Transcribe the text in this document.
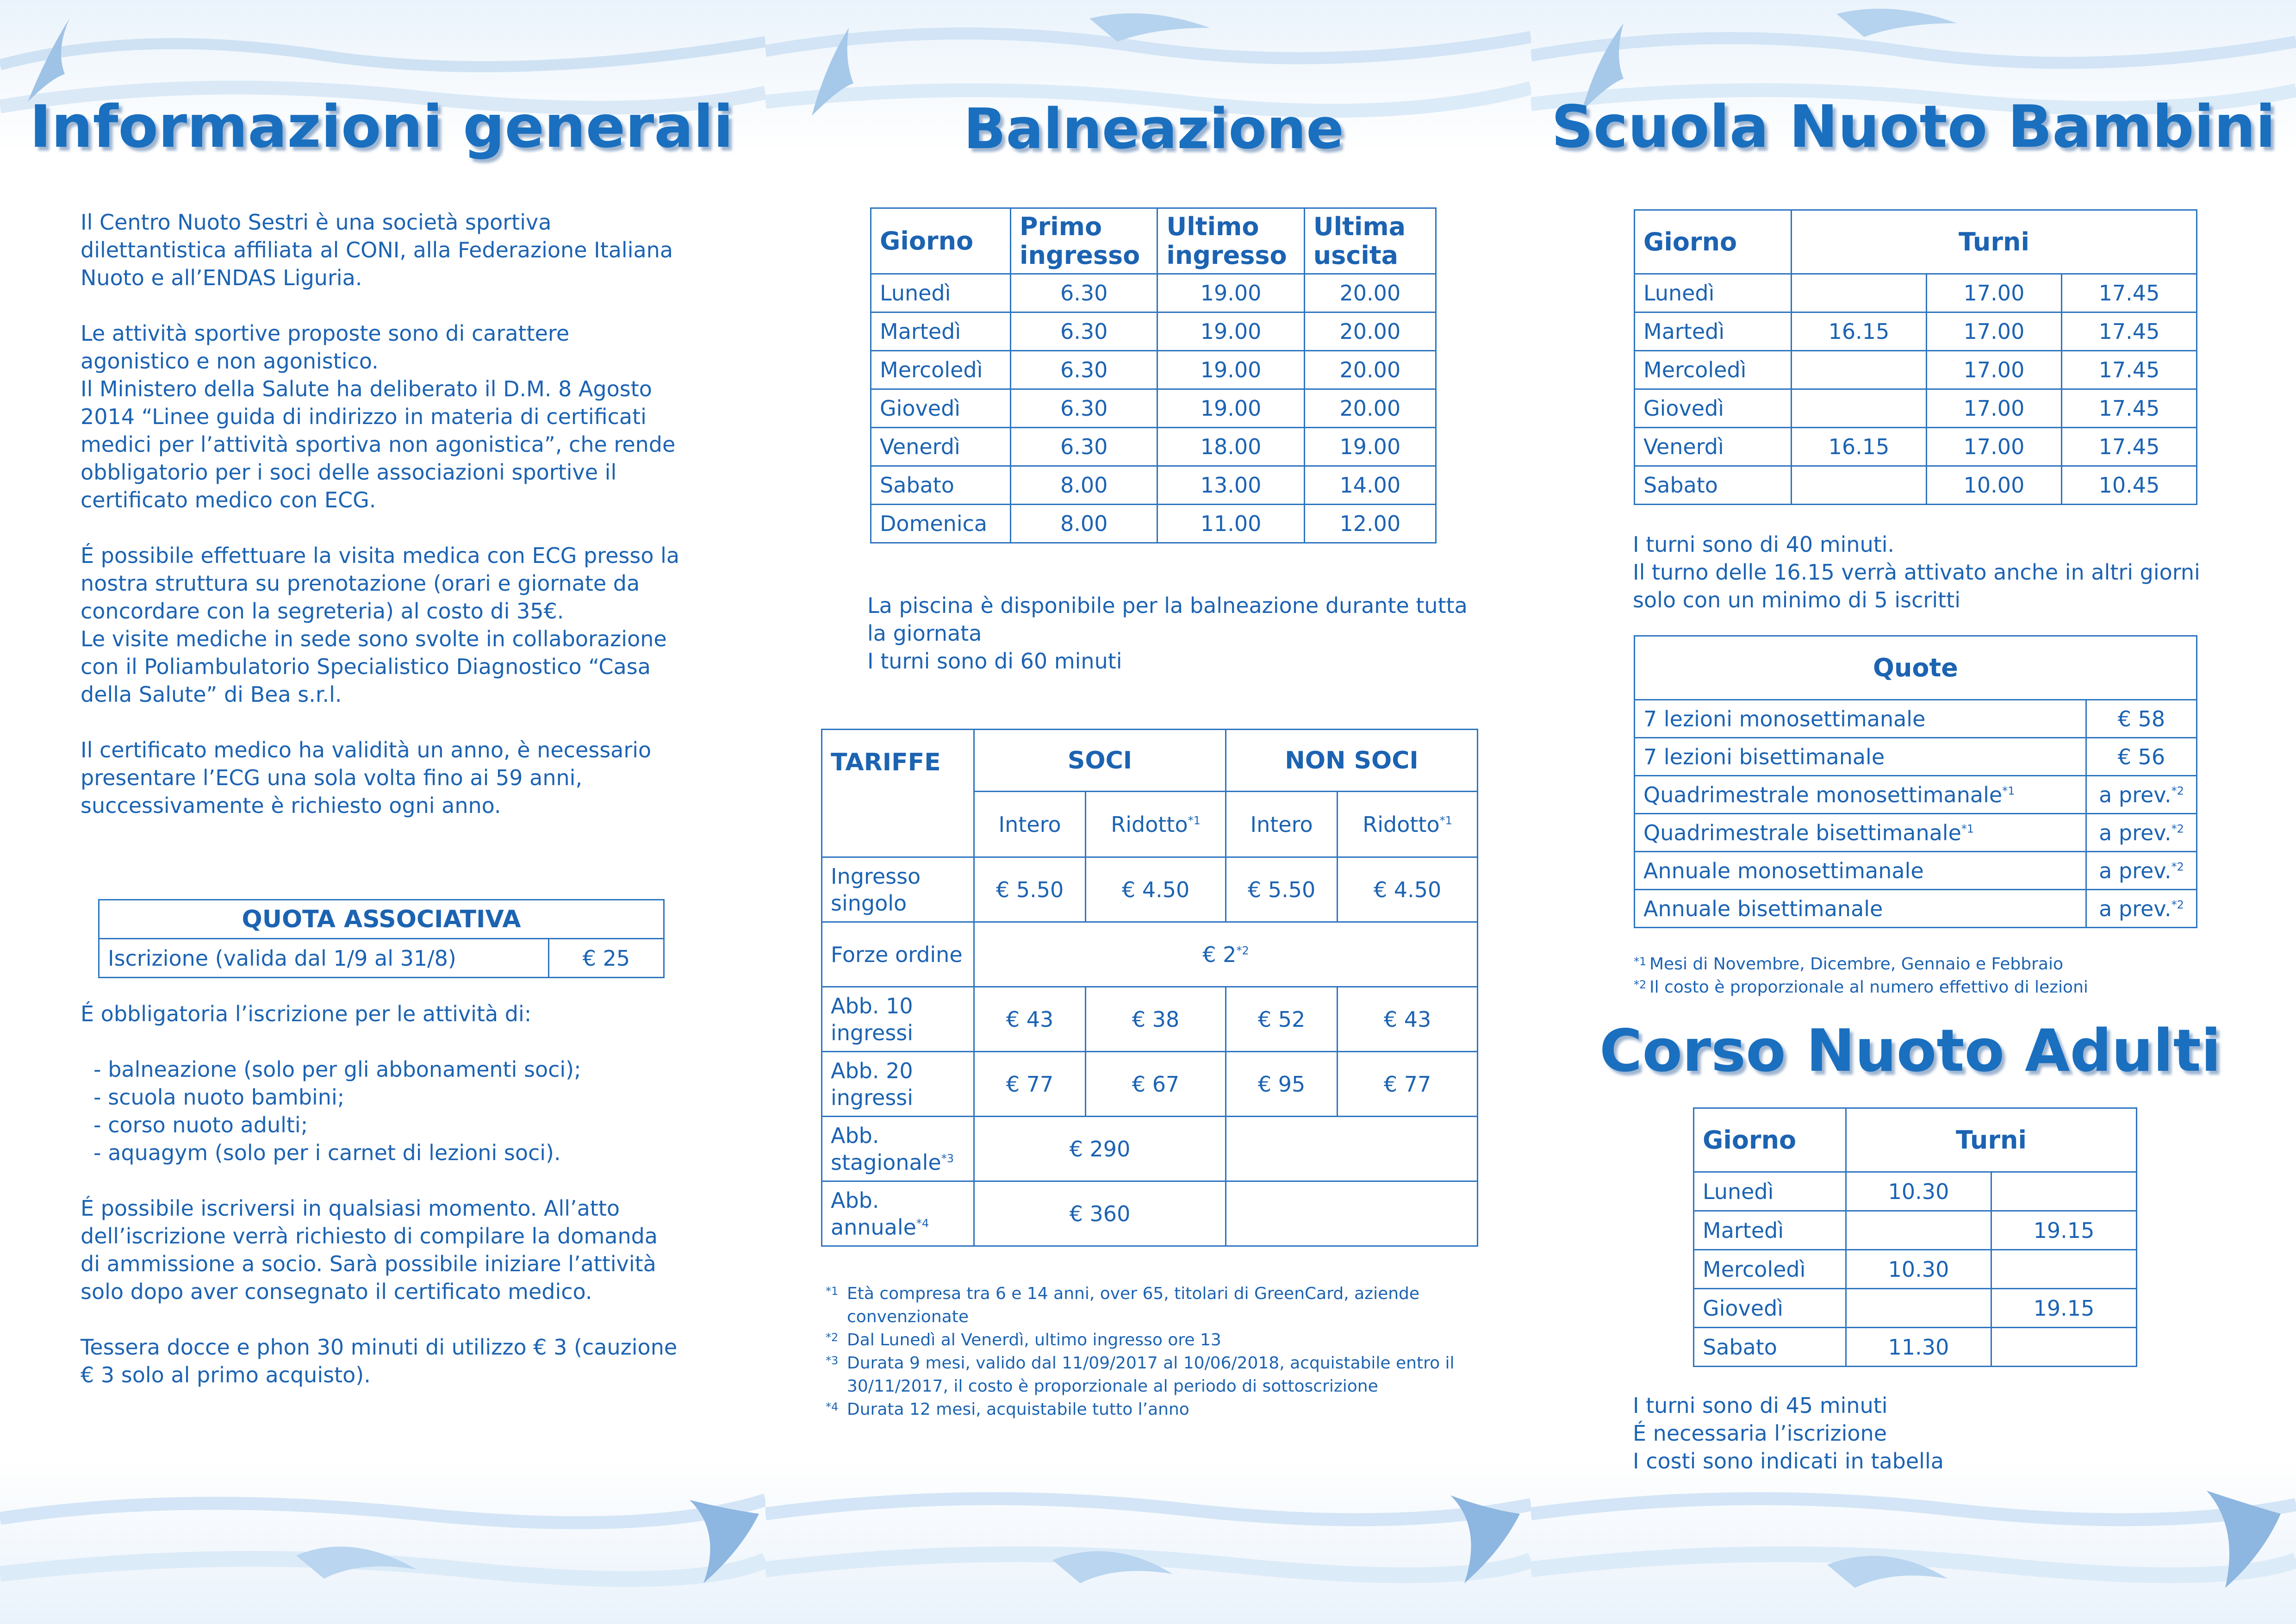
Informazioni generali

Il Centro Nuoto Sestri è una società sportiva dilettantistica affiliata al CONI, alla Federazione Italiana Nuoto e all’ENDAS Liguria.

Le attività sportive proposte sono di carattere agonistico e non agonistico.

Il Ministero della Salute ha deliberato il D.M. 8 Agosto 2014 “Linee guida di indirizzo in materia di certificati medici per l’attività sportiva non agonistica”, che rende obbligatorio per i soci delle associazioni sportive il certificato medico con ECG.

É possibile effettuare la visita medica con ECG presso la nostra struttura su prenotazione (orari e giornate da concordare con la segreteria) al costo di 35€.

Le visite mediche in sede sono svolte in collaborazione con il Poliambulatorio Specialistico Diagnostico “Casa della Salute” di Bea s.r.l.

Il certificato medico ha validità un anno, è necessario presentare l’ECG una sola volta fino ai 59 anni, successivamente è richiesto ogni anno.

QUOTA ASSOCIATIVA
Iscrizione (valida dal 1/9 al 31/8)	€ 25

É obbligatoria l’iscrizione per le attività di:

- balneazione (solo per gli abbonamenti soci);
- scuola nuoto bambini;
- corso nuoto adulti;
- aquagym (solo per i carnet di lezioni soci).

É possibile iscriversi in qualsiasi momento. All’atto dell’iscrizione verrà richiesto di compilare la domanda di ammissione a socio. Sarà possibile iniziare l’attività solo dopo aver consegnato il certificato medico.

Tessera docce e phon 30 minuti di utilizzo € 3 (cauzione € 3 solo al primo acquisto).

Balneazione
Giorno	Primo ingresso	Ultimo ingresso	Ultima uscita
Lunedì	6.30	19.00	20.00
Martedì	6.30	19.00	20.00
Mercoledì	6.30	19.00	20.00
Giovedì	6.30	19.00	20.00
Venerdì	6.30	18.00	19.00
Sabato	8.00	13.00	14.00
Domenica	8.00	11.00	12.00

La piscina è disponibile per la balneazione durante tutta la giornata

I turni sono di 60 minuti

TARIFFE	SOCI		NON SOCI	
	Intero	Ridotto$^{*1}$	Intero	Ridotto$^{*1}$
Ingresso singolo	€ 5.50	€ 4.50	€ 5.50	€ 4.50
Forze ordine	€ 2$^{*2}$
Abb. 10 ingressi	€ 43	€ 38	€ 52	€ 43
Abb. 20 ingressi	€ 77	€ 67	€ 95	€ 77
Abb. stagionale$^{*3}$	€ 290			
Abb. annuale$^{*4}$	€ 360			
*1 Età compresa tra 6 e 14 anni, over 65, titolari di GreenCard, aziende convenzionate
*2 Dal Lunedì al Venerdì, ultimo ingresso ore 13
*3 Durata 9 mesi, valido dal 11/09/2017 al 10/06/2018, acquistabile entro il 30/11/2017, il costo è proporzionale al periodo di sottoscrizione
*4 Durata 12 mesi, acquistabile tutto l’anno
Scuola Nuoto Bambini
Giorno	Turni		
Lunedì		17.00	17.45
Martedì	16.15	17.00	17.45
Mercoledì		17.00	17.45
Giovedì		17.00	17.45
Venerdì	16.15	17.00	17.45
Sabato		10.00	10.45

I turni sono di 40 minuti.

Il turno delle 16.15 verrà attivato anche in altri giorni solo con un minimo di 5 iscritti

Quote	
7 lezioni monosettimanale	€ 58
7 lezioni bisettimanale	€ 56
Quadrimestrale monosettimanale$^{*1}$	a prev.$^{*2}$
Quadrimestrale bisettimanale$^{*1}$	a prev.$^{*2}$
Annuale monosettimanale	a prev.$^{*2}$
Annuale bisettimanale	a prev.$^{*2}$
*1 Mesi di Novembre, Dicembre, Gennaio e Febbraio
*2 Il costo è proporzionale al numero effettivo di lezioni
Corso Nuoto Adulti
Giorno	Turni	
Lunedì	10.30	
Martedì		19.15
Mercoledì	10.30	
Giovedì		19.15
Sabato	11.30	

I turni sono di 45 minuti

É necessaria l’iscrizione

I costi sono indicati in tabella
